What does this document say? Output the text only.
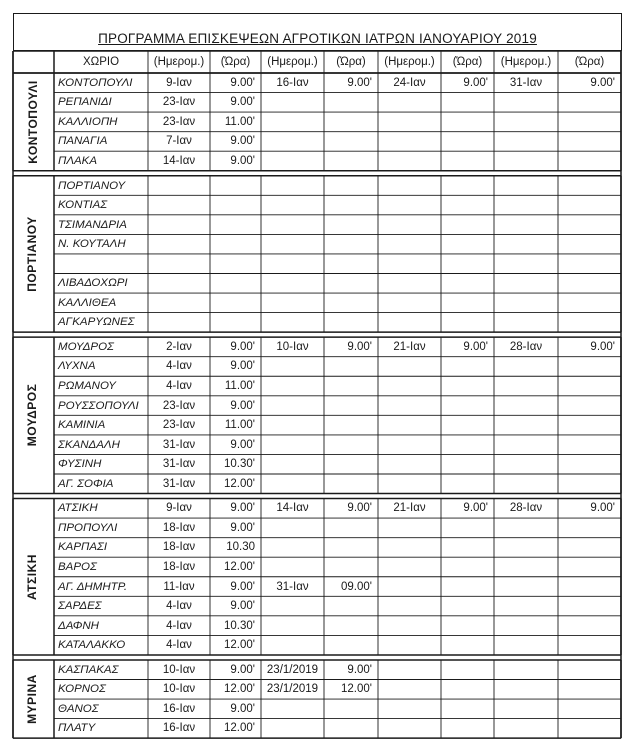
ΠΡΟΓΡΑΜΜΑ ΕΠΙΣΚΕΨΕΩΝ ΑΓΡΟΤΙΚΩΝ ΙΑΤΡΩΝ ΙΑΝΟΥΑΡΙΟΥ 2019
ΧΩΡΙΟ	(Ημερομ.)	(Ώρα)	(Ημερομ.)	(Ώρα)	(Ημερομ.)	(Ώρα)	(Ημερομ.)	(Ώρα)
ΚΟΝΤΟΠΟΥΛΙ	9-Ιαν	9.00'	16-Ιαν	9.00'	24-Ιαν	9.00'	31-Ιαν	9.00'
ΡΕΠΑΝΙΔΙ	23-Ιαν	9.00'
ΚΑΛΛΙΟΠΗ	23-Ιαν	11.00'
ΠΑΝΑΓΙΑ	7-Ιαν	9.00'
ΠΛΑΚΑ	14-Ιαν	9.00'
ΚΟΝΤΟΠΟΥΛΙ
ΠΟΡΤΙΑΝΟΥ
ΚΟΝΤΙΑΣ
ΤΣΙΜΑΝΔΡΙΑ
Ν. ΚΟΥΤΑΛΗ
ΛΙΒΑΔΟΧΩΡΙ
ΚΑΛΛΙΘΕΑ
ΑΓΚΑΡΥΩΝΕΣ
ΠΟΡΤΙΑΝΟΥ
ΜΟΥΔΡΟΣ	2-Ιαν	9.00'	10-Ιαν	9.00'	21-Ιαν	9.00'	28-Ιαν	9.00'
ΛΥΧΝΑ	4-Ιαν	9.00'
ΡΩΜΑΝΟΥ	4-Ιαν	11.00'
ΡΟΥΣΣΟΠΟΥΛΙ	23-Ιαν	9.00'
ΚΑΜΙΝΙΑ	23-Ιαν	11.00'
ΣΚΑΝΔΑΛΗ	31-Ιαν	9.00'
ΦΥΣΙΝΗ	31-Ιαν	10.30'
ΑΓ. ΣΟΦΙΑ	31-Ιαν	12.00'
ΜΟΥΔΡΟΣ
ΑΤΣΙΚΗ	9-Ιαν	9.00'	14-Ιαν	9.00'	21-Ιαν	9.00'	28-Ιαν	9.00'
ΠΡΟΠΟΥΛΙ	18-Ιαν	9.00'
ΚΑΡΠΑΣΙ	18-Ιαν	10.30
ΒΑΡΟΣ	18-Ιαν	12.00'
ΑΓ. ΔΗΜΗΤΡ.	11-Ιαν	9.00'	31-Ιαν	09.00'
ΣΑΡΔΕΣ	4-Ιαν	9.00'
ΔΑΦΝΗ	4-Ιαν	10.30'
ΚΑΤΑΛΑΚΚΟ	4-Ιαν	12.00'
ΑΤΣΙΚΗ
ΚΑΣΠΑΚΑΣ	10-Ιαν	9.00'	23/1/2019	9.00'
ΚΟΡΝΟΣ	10-Ιαν	12.00'	23/1/2019	12.00'
ΘΑΝΟΣ	16-Ιαν	9.00'
ΠΛΑΤΥ	16-Ιαν	12.00'
ΜΥΡΙΝΑ
